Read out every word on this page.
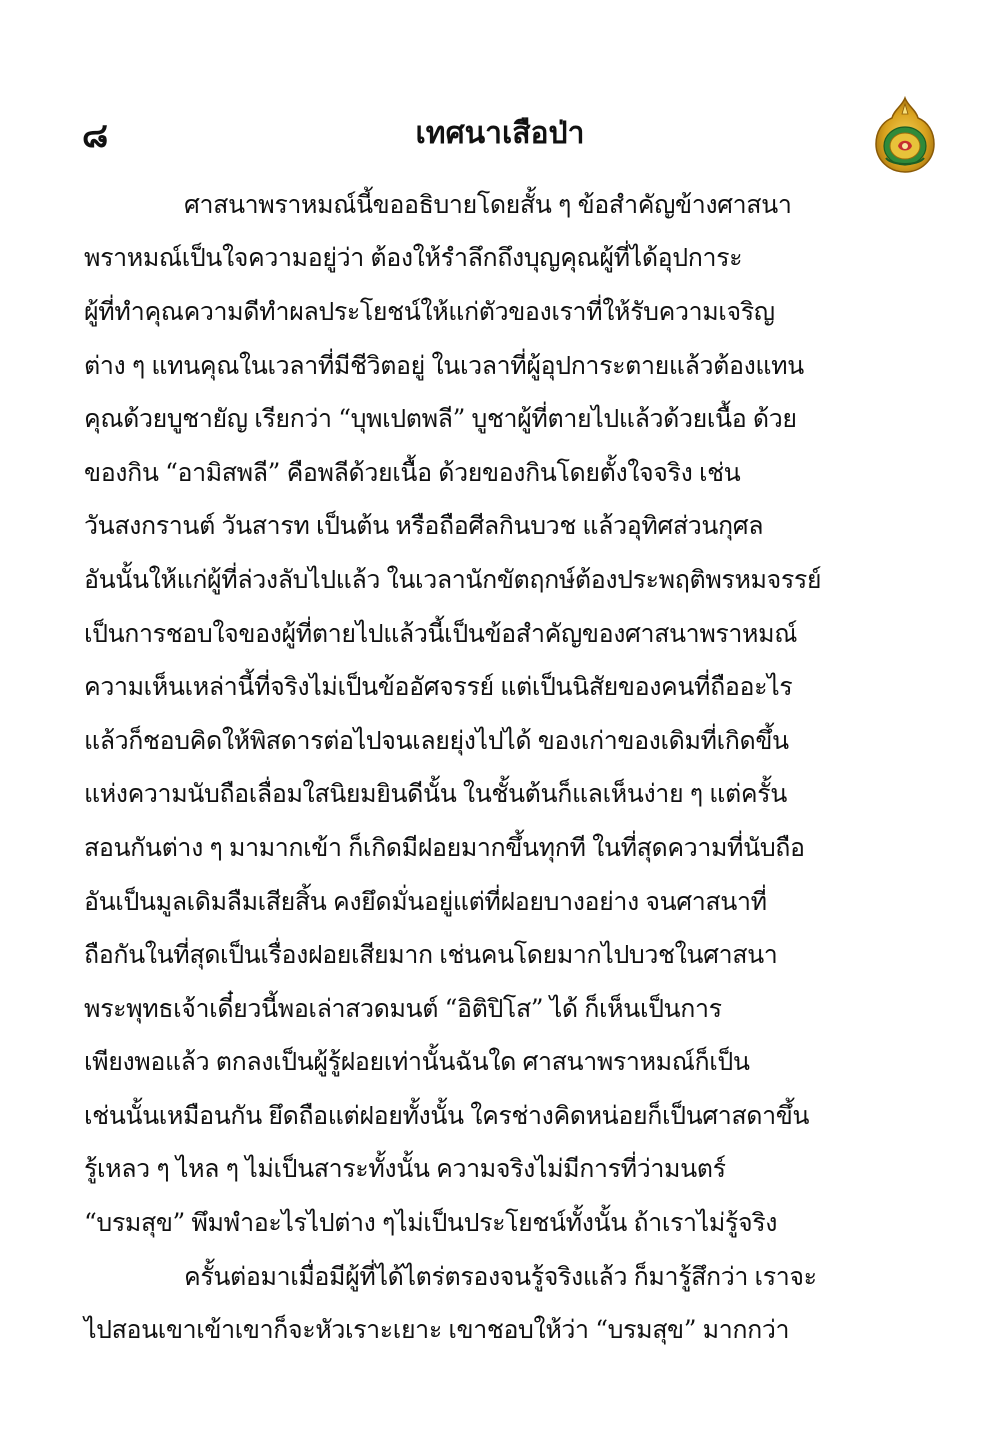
๘	เทศนาเสือป่า
ศาสนาพราหมณ์นี้ขออธิบายโดยสั้น ๆ ข้อสำคัญข้างศาสนา
พราหมณ์เป็นใจความอยู่ว่า ต้องให้รำลึกถึงบุญคุณผู้ที่ได้อุปการะ
ผู้ที่ทำคุณความดีทำผลประโยชน์ให้แก่ตัวของเราที่ให้รับความเจริญ
ต่าง ๆ แทนคุณในเวลาที่มีชีวิตอยู่ ในเวลาที่ผู้อุปการะตายแล้วต้องแทน
คุณด้วยบูชายัญ เรียกว่า “บุพเปตพลี” บูชาผู้ที่ตายไปแล้วด้วยเนื้อ ด้วย
ของกิน “อามิสพลี” คือพลีด้วยเนื้อ ด้วยของกินโดยตั้งใจจริง เช่น
วันสงกรานต์ วันสารท เป็นต้น หรือถือศีลกินบวช แล้วอุทิศส่วนกุศล
อันนั้นให้แก่ผู้ที่ล่วงลับไปแล้ว ในเวลานักขัตฤกษ์ต้องประพฤติพรหมจรรย์
เป็นการชอบใจของผู้ที่ตายไปแล้วนี้เป็นข้อสำคัญของศาสนาพราหมณ์
ความเห็นเหล่านี้ที่จริงไม่เป็นข้ออัศจรรย์ แต่เป็นนิสัยของคนที่ถืออะไร
แล้วก็ชอบคิดให้พิสดารต่อไปจนเลยยุ่งไปได้ ของเก่าของเดิมที่เกิดขึ้น
แห่งความนับถือเลื่อมใสนิยมยินดีนั้น ในชั้นต้นก็แลเห็นง่าย ๆ แต่ครั้น
สอนกันต่าง ๆ มามากเข้า ก็เกิดมีฝอยมากขึ้นทุกที ในที่สุดความที่นับถือ
อันเป็นมูลเดิมลืมเสียสิ้น คงยึดมั่นอยู่แต่ที่ฝอยบางอย่าง จนศาสนาที่
ถือกันในที่สุดเป็นเรื่องฝอยเสียมาก เช่นคนโดยมากไปบวชในศาสนา
พระพุทธเจ้าเดี๋ยวนี้พอเล่าสวดมนต์ “อิติปิโส” ได้ ก็เห็นเป็นการ
เพียงพอแล้ว ตกลงเป็นผู้รู้ฝอยเท่านั้นฉันใด ศาสนาพราหมณ์ก็เป็น
เช่นนั้นเหมือนกัน ยึดถือแต่ฝอยทั้งนั้น ใครช่างคิดหน่อยก็เป็นศาสดาขึ้น
รู้เหลว ๆ ไหล ๆ ไม่เป็นสาระทั้งนั้น ความจริงไม่มีการที่ว่ามนตร์
“บรมสุข” พึมพำอะไรไปต่าง ๆไม่เป็นประโยชน์ทั้งนั้น ถ้าเราไม่รู้จริง
ครั้นต่อมาเมื่อมีผู้ที่ได้ไตร่ตรองจนรู้จริงแล้ว ก็มารู้สึกว่า เราจะ
ไปสอนเขาเข้าเขาก็จะหัวเราะเยาะ เขาชอบให้ว่า “บรมสุข” มากกว่า
